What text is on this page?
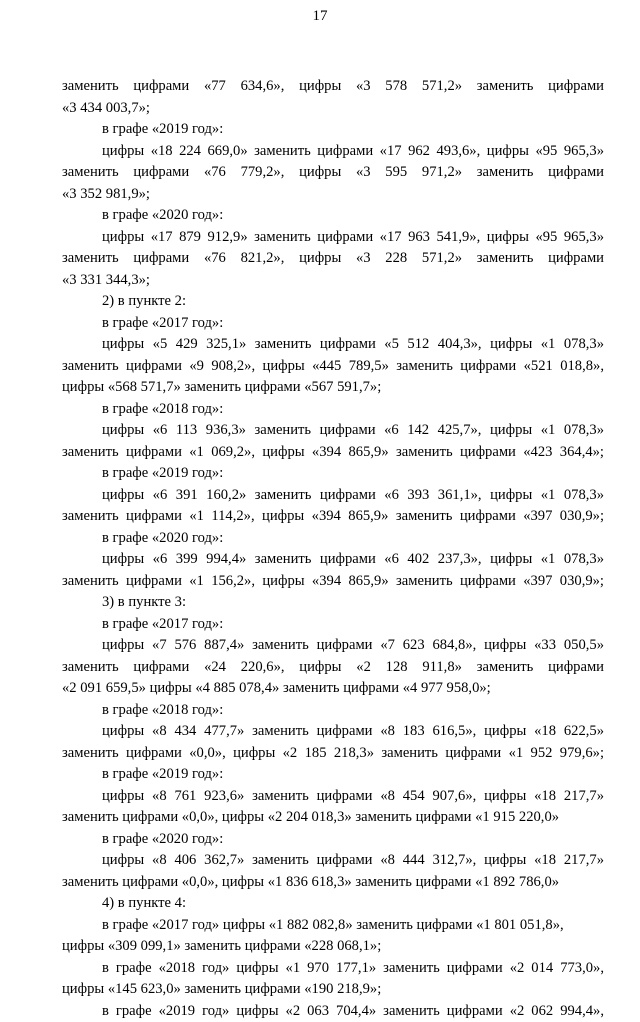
17
заменить цифрами «77 634,6», цифры «3 578 571,2» заменить цифрами
«3 434 003,7»;
в графе «2019 год»:
цифры «18 224 669,0» заменить цифрами «17 962 493,6», цифры «95 965,3»
заменить цифрами «76 779,2», цифры «3 595 971,2» заменить цифрами
«3 352 981,9»;
в графе «2020 год»:
цифры «17 879 912,9» заменить цифрами «17 963 541,9», цифры «95 965,3»
заменить цифрами «76 821,2», цифры «3 228 571,2» заменить цифрами
«3 331 344,3»;
2) в пункте 2:
в графе «2017 год»:
цифры «5 429 325,1» заменить цифрами «5 512 404,3», цифры «1 078,3»
заменить цифрами «9 908,2», цифры «445 789,5» заменить цифрами «521 018,8»,
цифры «568 571,7» заменить цифрами «567 591,7»;
в графе «2018 год»:
цифры «6 113 936,3» заменить цифрами «6 142 425,7», цифры «1 078,3»
заменить цифрами «1 069,2», цифры «394 865,9» заменить цифрами «423 364,4»;
в графе «2019 год»:
цифры «6 391 160,2» заменить цифрами «6 393 361,1», цифры «1 078,3»
заменить цифрами «1 114,2», цифры «394 865,9» заменить цифрами «397 030,9»;
в графе «2020 год»:
цифры «6 399 994,4» заменить цифрами «6 402 237,3», цифры «1 078,3»
заменить цифрами «1 156,2», цифры «394 865,9» заменить цифрами «397 030,9»;
3) в пункте 3:
в графе «2017 год»:
цифры «7 576 887,4» заменить цифрами «7 623 684,8», цифры «33 050,5»
заменить цифрами «24 220,6», цифры «2 128 911,8» заменить цифрами
«2 091 659,5» цифры «4 885 078,4» заменить цифрами «4 977 958,0»;
в графе «2018 год»:
цифры «8 434 477,7» заменить цифрами «8 183 616,5», цифры «18 622,5»
заменить цифрами «0,0», цифры «2 185 218,3» заменить цифрами «1 952 979,6»;
в графе «2019 год»:
цифры «8 761 923,6» заменить цифрами «8 454 907,6», цифры «18 217,7»
заменить цифрами «0,0», цифры «2 204 018,3» заменить цифрами «1 915 220,0»
в графе «2020 год»:
цифры «8 406 362,7» заменить цифрами «8 444 312,7», цифры «18 217,7»
заменить цифрами «0,0», цифры «1 836 618,3» заменить цифрами «1 892 786,0»
4) в пункте 4:
в графе «2017 год» цифры «1 882 082,8» заменить цифрами «1 801 051,8»,
цифры «309 099,1» заменить цифрами «228 068,1»;
в графе «2018 год» цифры «1 970 177,1» заменить цифрами «2 014 773,0»,
цифры «145 623,0» заменить цифрами «190 218,9»;
в графе «2019 год» цифры «2 063 704,4» заменить цифрами «2 062 994,4»,
